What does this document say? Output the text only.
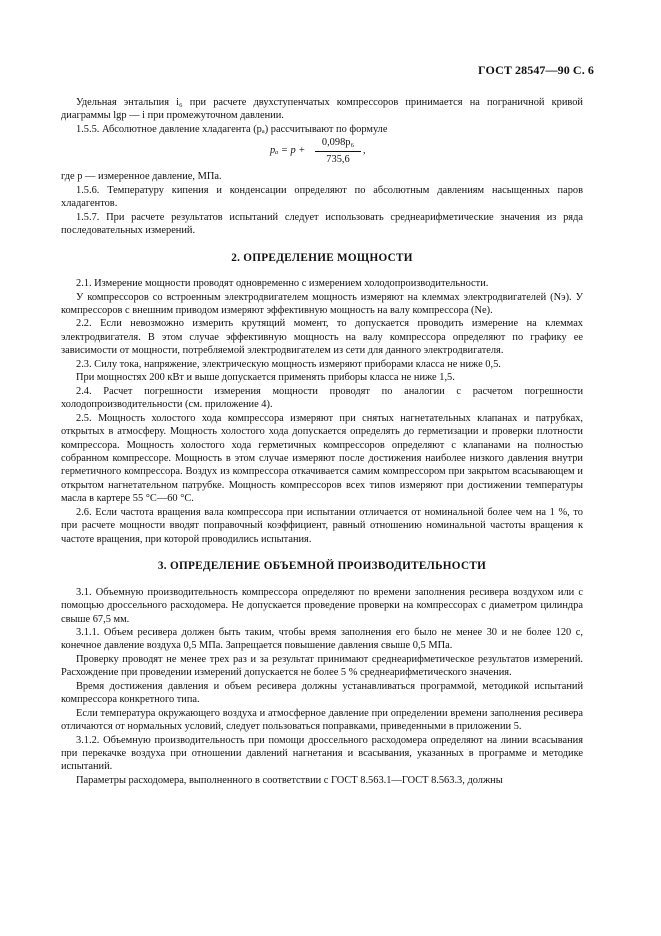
ГОСТ 28547—90 С. 6

Удельная энтальпия i₆ при расчете двухступенчатых компрессоров принимается на пограничной кривой диаграммы lgp — i при промежуточном давлении.

1.5.5. Абсолютное давление хладагента (pₐ) рассчитывают по формуле

$p_a = p + \frac{\text{0,098p₆}}{735,6}$ ,

где p — измеренное давление, МПа.

1.5.6. Температуру кипения и конденсации определяют по абсолютным давлениям насыщенных паров хладагентов.

1.5.7. При расчете результатов испытаний следует использовать среднеарифметические значения из ряда последовательных измерений.

2. ОПРЕДЕЛЕНИЕ МОЩНОСТИ

2.1. Измерение мощности проводят одновременно с измерением холодопроизводительности.

У компрессоров со встроенным электродвигателем мощность измеряют на клеммах электродвигателей (Nэ). У компрессоров с внешним приводом измеряют эффективную мощность на валу компрессора (Nе).

2.2. Если невозможно измерить крутящий момент, то допускается проводить измерение на клеммах электродвигателя. В этом случае эффективную мощность на валу компрессора определяют по графику ее зависимости от мощности, потребляемой электродвигателем из сети для данного электродвигателя.

2.3. Силу тока, напряжение, электрическую мощность измеряют приборами класса не ниже 0,5.

При мощностях 200 кВт и выше допускается применять приборы класса не ниже 1,5.

2.4. Расчет погрешности измерения мощности проводят по аналогии с расчетом погрешности холодопроизводительности (см. приложение 4).

2.5. Мощность холостого хода компрессора измеряют при снятых нагнетательных клапанах и патрубках, открытых в атмосферу. Мощность холостого хода допускается определять до герметизации и проверки плотности компрессора. Мощность холостого хода герметичных компрессоров определяют с клапанами на полностью собранном компрессоре. Мощность в этом случае измеряют после достижения наиболее низкого давления внутри герметичного компрессора. Воздух из компрессора откачивается самим компрессором при закрытом всасывающем и открытом нагнетательном патрубке. Мощность компрессоров всех типов измеряют при достижении температуры масла в картере 55 °С—60 °С.

2.6. Если частота вращения вала компрессора при испытании отличается от номинальной более чем на 1 %, то при расчете мощности вводят поправочный коэффициент, равный отношению номинальной частоты вращения к частоте вращения, при которой проводились испытания.

3. ОПРЕДЕЛЕНИЕ ОБЪЕМНОЙ ПРОИЗВОДИТЕЛЬНОСТИ

3.1. Объемную производительность компрессора определяют по времени заполнения ресивера воздухом или с помощью дроссельного расходомера. Не допускается проведение проверки на компрессорах с диаметром цилиндра свыше 67,5 мм.

3.1.1. Объем ресивера должен быть таким, чтобы время заполнения его было не менее 30 и не более 120 с, конечное давление воздуха 0,5 МПа. Запрещается повышение давления свыше 0,5 МПа.

Проверку проводят не менее трех раз и за результат принимают среднеарифметическое результатов измерений. Расхождение при проведении измерений допускается не более 5 % среднеарифметического значения.

Время достижения давления и объем ресивера должны устанавливаться программой, методикой испытаний компрессора конкретного типа.

Если температура окружающего воздуха и атмосферное давление при определении времени заполнения ресивера отличаются от нормальных условий, следует пользоваться поправками, приведенными в приложении 5.

3.1.2. Объемную производительность при помощи дроссельного расходомера определяют на линии всасывания при перекачке воздуха при отношении давлений нагнетания и всасывания, указанных в программе и методике испытаний.

Параметры расходомера, выполненного в соответствии с ГОСТ 8.563.1—ГОСТ 8.563.3, должны
